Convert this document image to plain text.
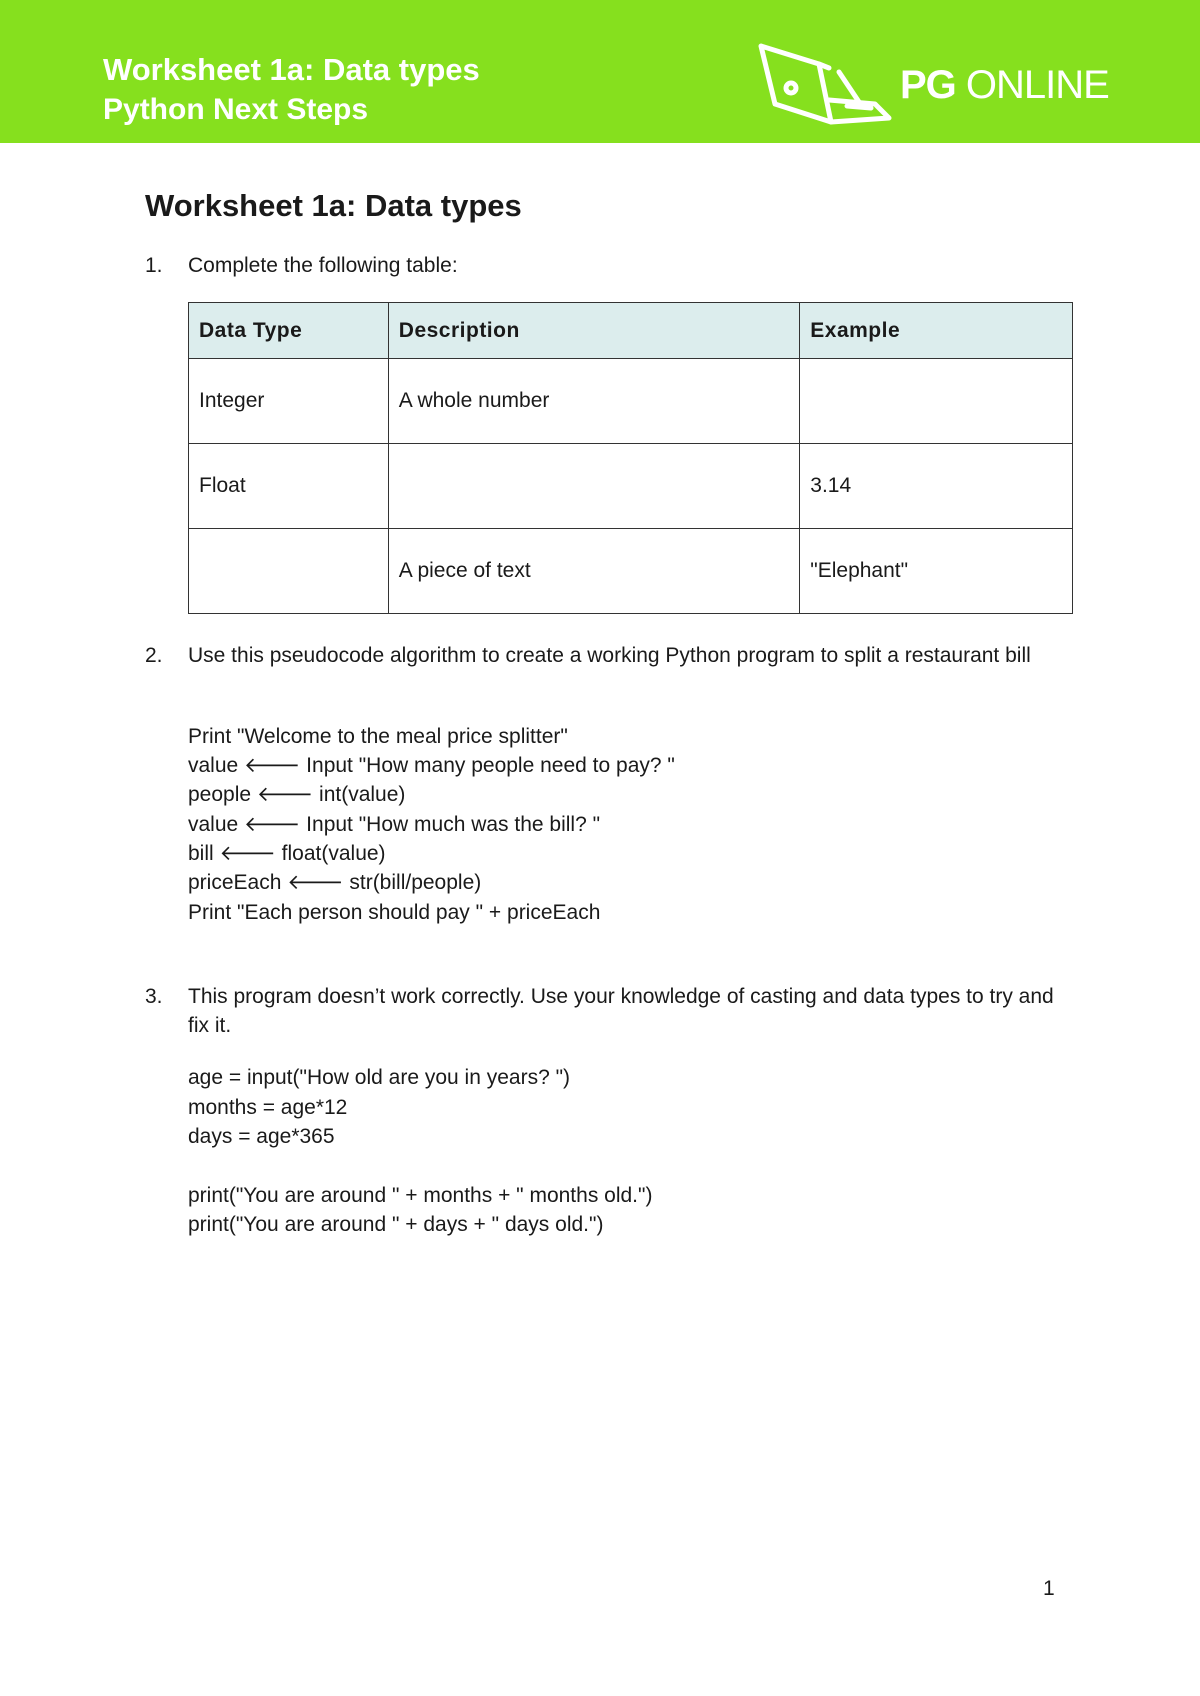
Worksheet 1a: Data types
Python Next Steps
PG ONLINE
Worksheet 1a: Data types
1. Complete the following table:

Data Type	Description	Example
Integer	A whole number	
Float		3.14
	A piece of text	"Elephant"
2. Use this pseudocode algorithm to create a working Python program to split a restaurant bill

Print "Welcome to the meal price splitter"
value 🡐 Input "How many people need to pay? "
people 🡐 int(value)
value 🡐 Input "How much was the bill? "
bill 🡐 float(value)
priceEach 🡐 str(bill/people)
Print "Each person should pay " + priceEach
3. This program doesn’t work correctly. Use your knowledge of casting and data types to try and fix it.

age = input("How old are you in years? ")
months = age*12
days = age*365
print("You are around " + months + " months old.")
print("You are around " + days + " days old.")
1
